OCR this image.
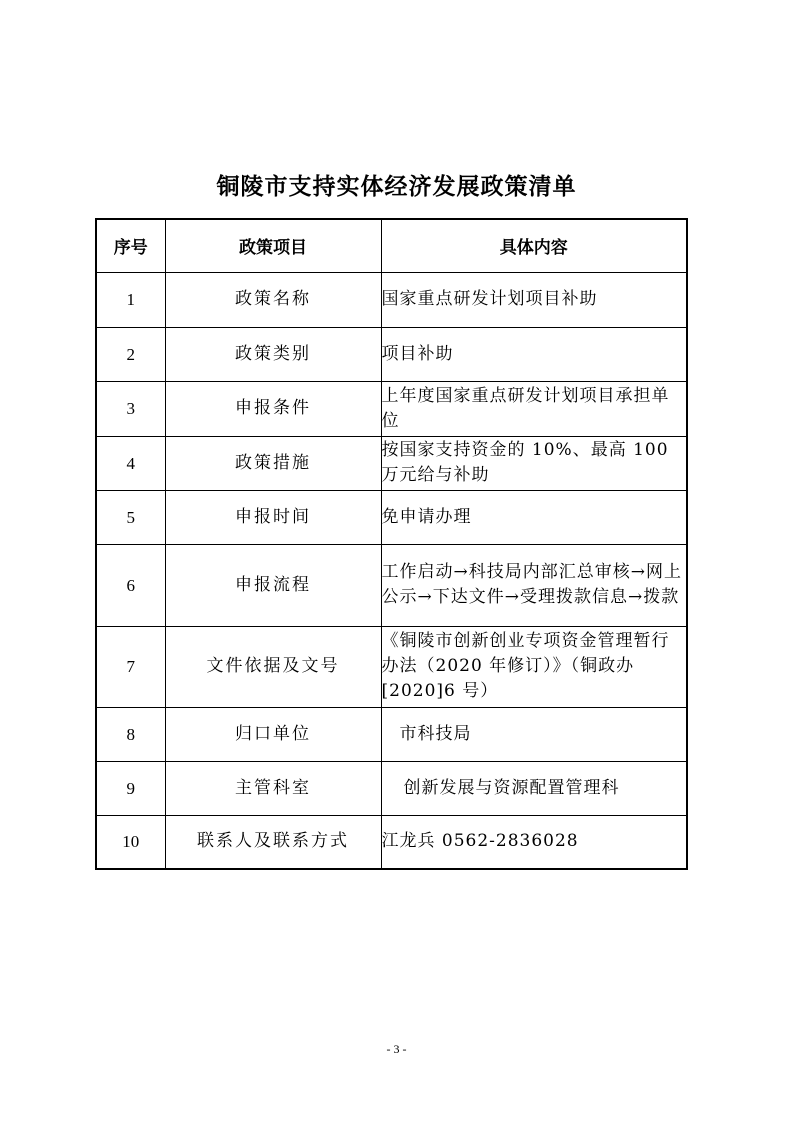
铜陵市支持实体经济发展政策清单
序号	政策项目	具体内容
1	政策名称	国家重点研发计划项目补助
2	政策类别	项目补助
3	申报条件	上年度国家重点研发计划项目承担单位
4	政策措施	按国家支持资金的 10%、最高 100 万元给与补助
5	申报时间	免申请办理
6	申报流程	工作启动→科技局内部汇总审核→网上公示→下达文件→受理拨款信息→拨款
7	文件依据及文号	《铜陵市创新创业专项资金管理暂行办法（2020 年修订）》（铜政办[2020]6 号）
8	归口单位	市科技局
9	主管科室	创新发展与资源配置管理科
10	联系人及联系方式	江龙兵 0562-2836028
- 3 -
